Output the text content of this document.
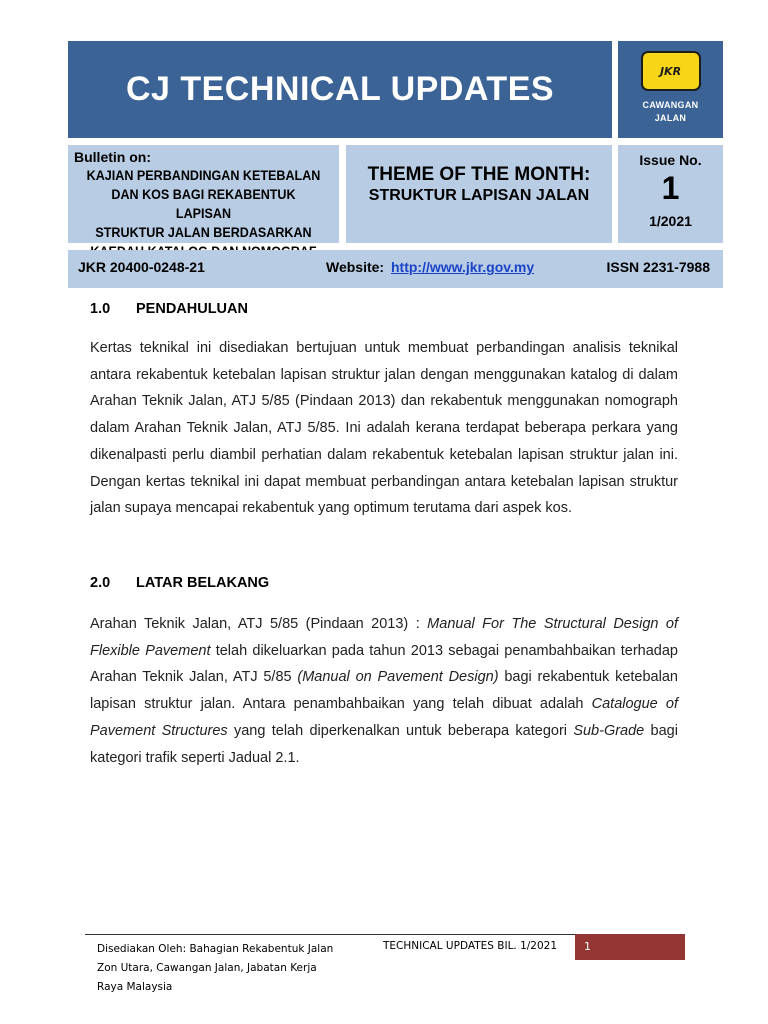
CJ TECHNICAL UPDATES	JKR
CAWANGAN
JALAN
Bulletin on:
KAJIAN PERBANDINGAN KETEBALAN
DAN KOS BAGI REKABENTUK LAPISAN
STRUKTUR JALAN BERDASARKAN
THEME OF THE MONTH:
STRUKTUR LAPISAN JALAN
Issue No.
1
1/2021
JKR 20400-0248-21	Website: http://www.jkr.gov.my	ISSN 2231-7988
1.0 PENDAHULUAN

Kertas teknikal ini disediakan bertujuan untuk membuat perbandingan analisis teknikal antara rekabentuk ketebalan lapisan struktur jalan dengan menggunakan katalog di dalam Arahan Teknik Jalan, ATJ 5/85 (Pindaan 2013) dan rekabentuk menggunakan nomograph dalam Arahan Teknik Jalan, ATJ 5/85. Ini adalah kerana terdapat beberapa perkara yang dikenalpasti perlu diambil perhatian dalam rekabentuk ketebalan lapisan struktur jalan ini. Dengan kertas teknikal ini dapat membuat perbandingan antara ketebalan lapisan struktur jalan supaya mencapai rekabentuk yang optimum terutama dari aspek kos.

2.0 LATAR BELAKANG

Arahan Teknik Jalan, ATJ 5/85 (Pindaan 2013) : Manual For The Structural Design of Flexible Pavement telah dikeluarkan pada tahun 2013 sebagai penambahbaikan terhadap Arahan Teknik Jalan, ATJ 5/85 (Manual on Pavement Design) bagi rekabentuk ketebalan lapisan struktur jalan. Antara penambahbaikan yang telah dibuat adalah Catalogue of Pavement Structures yang telah diperkenalkan untuk beberapa kategori Sub-Grade bagi kategori trafik seperti Jadual 2.1.

Disediakan Oleh: Bahagian Rekabentuk Jalan Zon Utara, Cawangan Jalan, Jabatan Kerja Raya Malaysia
TECHNICAL UPDATES BIL. 1/2021	1
